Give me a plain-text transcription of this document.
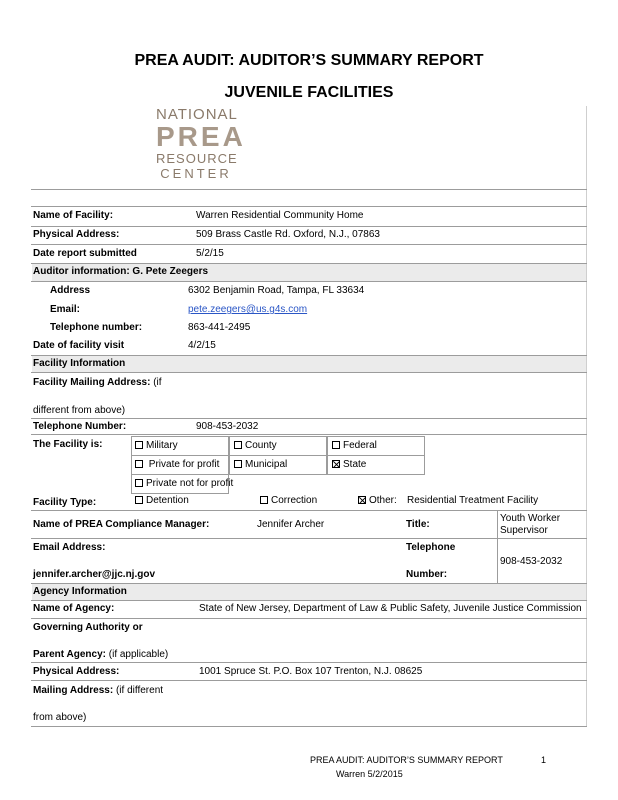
PREA AUDIT: AUDITOR’S SUMMARY REPORT
JUVENILE FACILITIES
NATIONAL
PREA
RESOURCE
CENTER
Name of Facility:	Warren Residential Community Home
Physical Address:	509 Brass Castle Rd. Oxford, N.J., 07863
Date report submitted	5/2/15
Auditor information: G. Pete Zeegers
Address	6302 Benjamin Road, Tampa, FL 33634
Email:	pete.zeegers@us.g4s.com
Telephone number:	863-441-2495
Date of facility visit	4/2/15
Facility Information
Facility Mailing Address: (if
different from above)
Telephone Number:	908-453-2032
The Facility is:	Military	County	Federal
Private for profit	Municipal	State
Private not for profit
Facility Type:	Detention	Correction	Other: Residential Treatment Facility
Name of PREA Compliance Manager:	Jennifer Archer	Title:
Youth Worker
Supervisor
Email Address:
jennifer.archer@jjc.nj.gov
Telephone
Number:
908-453-2032
Agency Information
Name of Agency:	State of New Jersey, Department of Law & Public Safety, Juvenile Justice Commission
Governing Authority or
Parent Agency: (if applicable)
Physical Address:	1001 Spruce St. P.O. Box 107 Trenton, N.J. 08625
Mailing Address: (if different
from above)
PREA AUDIT: AUDITOR’S SUMMARY REPORT	1
Warren 5/2/2015
